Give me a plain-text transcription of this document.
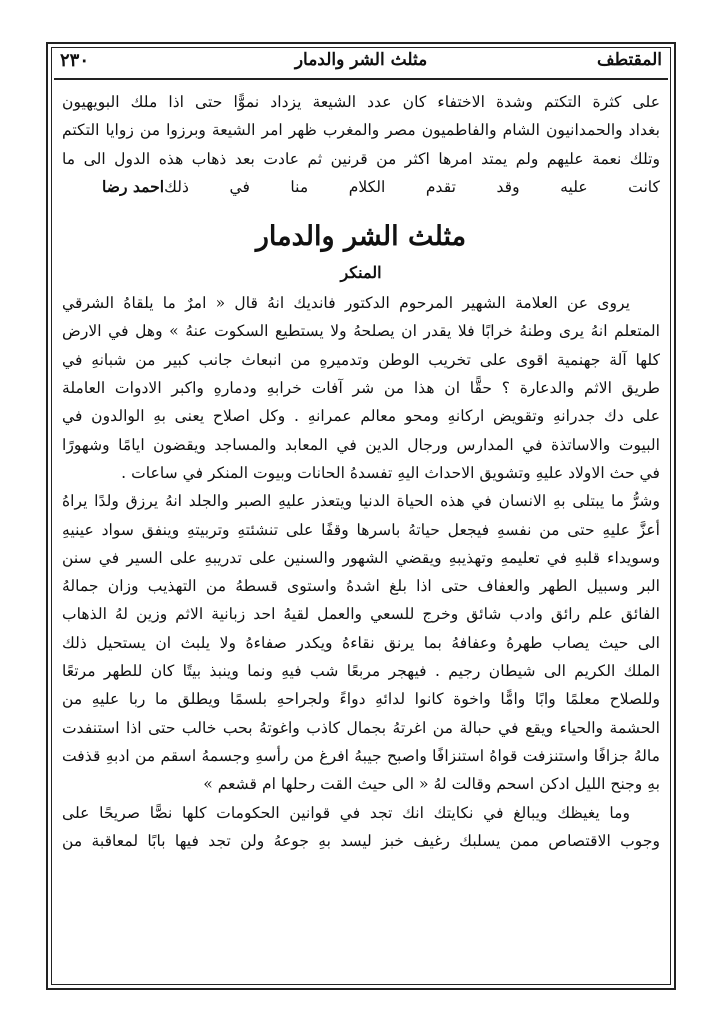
٢٣٠	مثلث الشر والدمار	المقتطف
على كثرة التكتم وشدة الاختفاء كان عدد الشيعة يزداد نموًّا حتى اذا ملك البويهيون
بغداد والحمدانيون الشام والفاطميون مصر والمغرب ظهر امر الشيعة وبرزوا من زوايا التكتم
وتلك نعمة عليهم ولم يمتد امرها اكثر من قرنين ثم عادت بعد ذهاب هذه الدول الى ما
كانت عليه وقد تقدم الكلام منا في ذلك
احمد رضا
مثلث الشر والدمار
المنكر
يروى عن العلامة الشهير المرحوم الدكتور فانديك انهُ قال « امرٌ ما يلقاهُ الشرقي
المتعلم انهُ يرى وطنهُ خرابًا فلا يقدر ان يصلحهُ ولا يستطيع السكوت عنهُ » وهل في الارض
كلها آلة جهنمية اقوى على تخريب الوطن وتدميرهِ من انبعاث جانب كبير من شبانهِ في
طريق الاثم والدعارة ؟ حقًّا ان هذا من شر آفات خرابهِ ودمارهِ واكبر الادوات العاملة
على دك جدرانهِ وتقويض اركانهِ ومحو معالم عمرانهِ . وكل اصلاح يعنى بهِ الوالدون في
البيوت والاساتذة في المدارس ورجال الدين في المعابد والمساجد ويقضون ايامًا وشهورًا
في حث الاولاد عليهِ وتشويق الاحداث اليهِ تفسدهُ الحانات وبيوت المنكر في ساعات .
وشرُّ ما يبتلى بهِ الانسان في هذه الحياة الدنيا ويتعذر عليهِ الصبر والجلد انهُ يرزق ولدًا يراهُ
أعزَّ عليهِ حتى من نفسهِ فيجعل حياتهُ باسرها وقفًا على تنشئتهِ وتربيتهِ وينفق سواد عينيهِ
وسويداء قلبهِ في تعليمهِ وتهذيبهِ ويقضي الشهور والسنين على تدريبهِ على السير في سنن
البر وسبيل الطهر والعفاف حتى اذا بلغ اشدهُ واستوى قسطهُ من التهذيب وزان جمالهُ
الفائق علم رائق وادب شائق وخرج للسعي والعمل لقيهُ احد زبانية الاثم وزين لهُ الذهاب
الى حيث يصاب طهرهُ وعفافهُ بما يرنق نقاءهُ ويكدر صفاءهُ ولا يلبث ان يستحيل ذلك
الملك الكريم الى شيطان رجيم . فيهجر مربعًا شب فيهِ ونما وينبذ بيتًا كان للطهر مرتعًا
وللصلاح معلمًا وابًا وامًّا واخوة كانوا لدائهِ دواءً ولجراحهِ بلسمًا ويطلق ما ربا عليهِ من
الحشمة والحياء ويقع في حبالة من اغرتهُ بجمال كاذب واغوتهُ بحب خالب حتى اذا استنفدت
مالهُ جزافًا واستنزفت قواهُ استنزافًا واصبح جيبهُ افرغ من رأسهِ وجسمهُ اسقم من ادبهِ قذفت
بهِ وجنح الليل ادكن اسحم وقالت لهُ « الى حيث القت رحلها ام قشعم »
وما يغيظك ويبالغ في نكايتك انك تجد في قوانين الحكومات كلها نصًّا صريحًا على
وجوب الاقتصاص ممن يسلبك رغيف خبز ليسد بهِ جوعهُ ولن تجد فيها بابًا لمعاقبة من
